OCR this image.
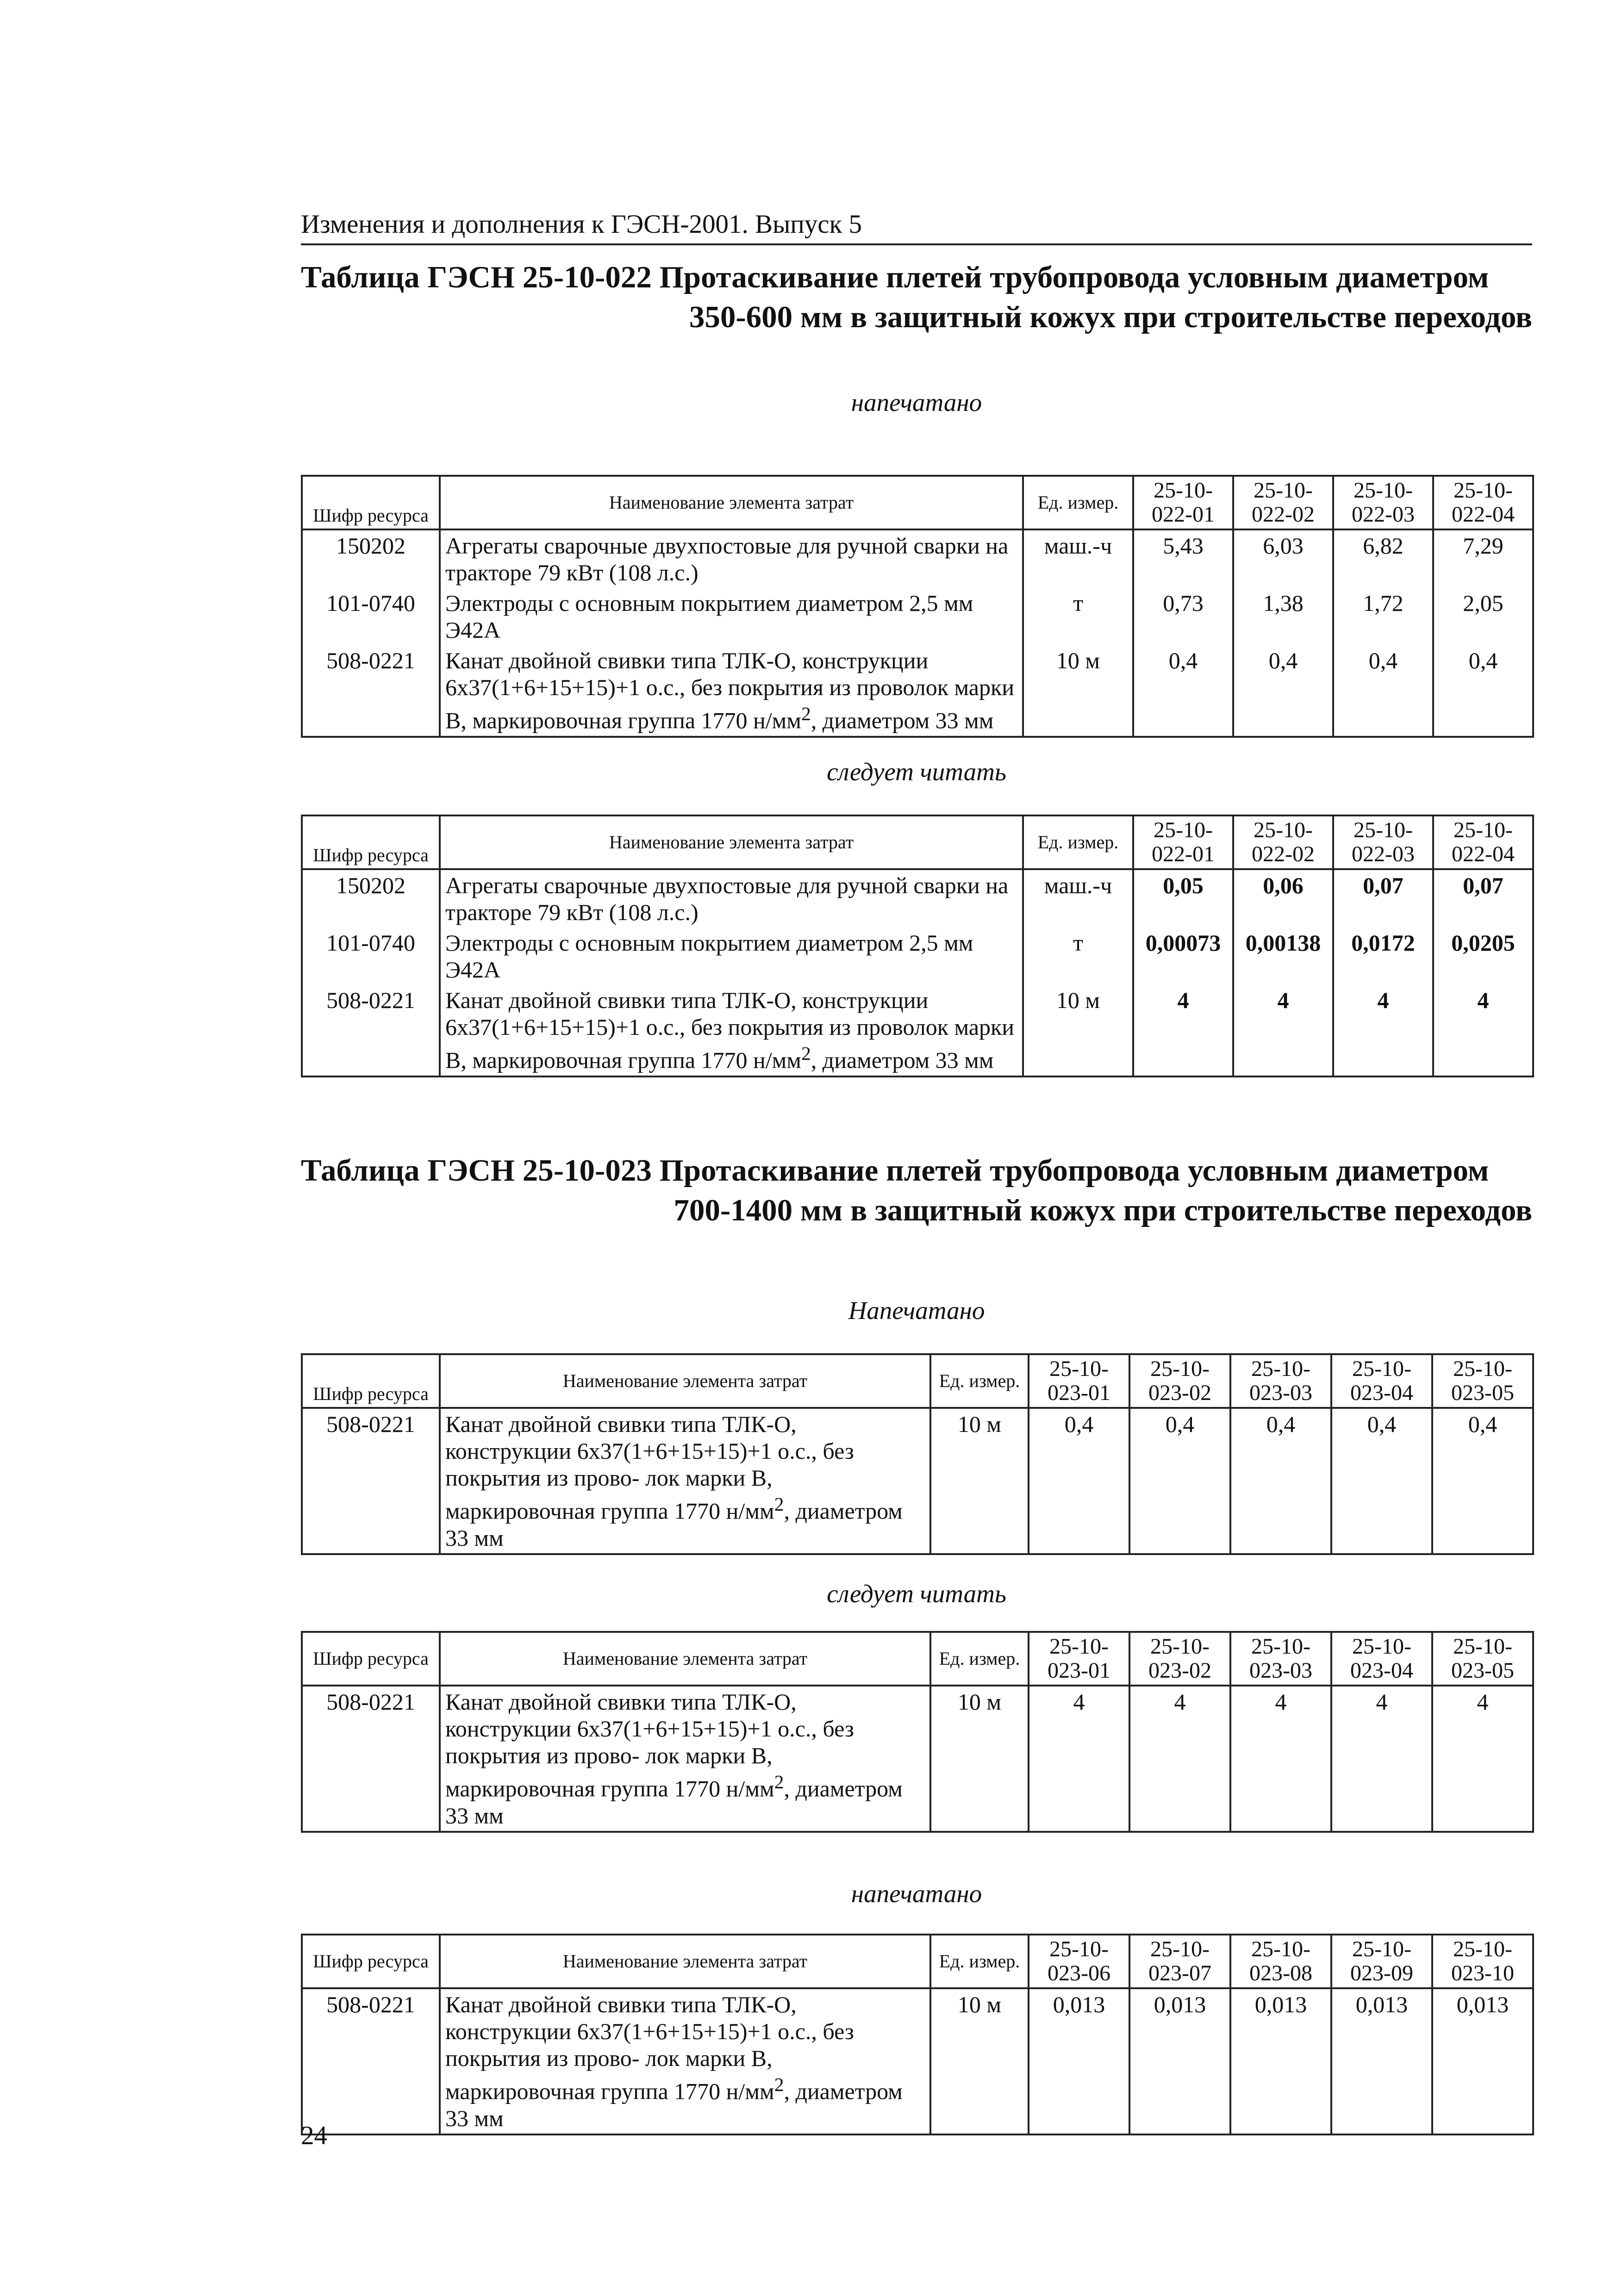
Изменения и дополнения к ГЭСН-2001. Выпуск 5
Таблица ГЭСН 25-10-022 Протаскивание плетей трубопровода условным диаметром
350-600 мм в защитный кожух при строительстве переходов
напечатано
Шифр ресурса	Наименование элемента затрат	Ед. измер.	25-10- 022-01	25-10- 022-02	25-10- 022-03	25-10- 022-04
150202	Агрегаты сварочные двухпостовые для ручной сварки на тракторе 79 кВт (108 л.с.)	маш.-ч	5,43	6,03	6,82	7,29
101-0740	Электроды с основным покрытием диаметром 2,5 мм Э42А	т	0,73	1,38	1,72	2,05
508-0221	Канат двойной свивки типа ТЛК-О, конструкции 6х37(1+6+15+15)+1 о.с., без покрытия из проволок марки В, маркировочная группа 1770 $н/мм^2$, диаметром 33 мм	10 м	0,4	0,4	0,4	0,4
следует читать
Шифр ресурса	Наименование элемента затрат	Ед. измер.	25-10- 022-01	25-10- 022-02	25-10- 022-03	25-10- 022-04
150202	Агрегаты сварочные двухпостовые для ручной сварки на тракторе 79 кВт (108 л.с.)	маш.-ч	0,05	0,06	0,07	0,07
101-0740	Электроды с основным покрытием диаметром 2,5 мм Э42А	т	0,00073	0,00138	0,0172	0,0205
508-0221	Канат двойной свивки типа ТЛК-О, конструкции 6х37(1+6+15+15)+1 о.с., без покрытия из проволок марки В, маркировочная группа 1770 $н/мм^2$, диаметром 33 мм	10 м	4	4	4	4
Таблица ГЭСН 25-10-023 Протаскивание плетей трубопровода условным диаметром
700-1400 мм в защитный кожух при строительстве переходов
Напечатано
Шифр ресурса	Наименование элемента затрат	Ед. измер.	25-10- 023-01	25-10- 023-02	25-10- 023-03	25-10- 023-04	25-10- 023-05
508-0221	Канат двойной свивки типа ТЛК-О, конструкции 6х37(1+6+15+15)+1 о.с., без покрытия из прово- лок марки В, маркировочная группа 1770 $н/мм^2$, диаметром 33 мм	10 м	0,4	0,4	0,4	0,4	0,4
следует читать
Шифр ресурса	Наименование элемента затрат	Ед. измер.	25-10- 023-01	25-10- 023-02	25-10- 023-03	25-10- 023-04	25-10- 023-05
508-0221	Канат двойной свивки типа ТЛК-О, конструкции 6х37(1+6+15+15)+1 о.с., без покрытия из прово- лок марки В, маркировочная группа 1770 $н/мм^2$, диаметром 33 мм	10 м	4	4	4	4	4
напечатано
Шифр ресурса	Наименование элемента затрат	Ед. измер.	25-10- 023-06	25-10- 023-07	25-10- 023-08	25-10- 023-09	25-10- 023-10
508-0221	Канат двойной свивки типа ТЛК-О, конструкции 6х37(1+6+15+15)+1 о.с., без покрытия из прово- лок марки В, маркировочная группа 1770 $н/мм^2$, диаметром 33 мм	10 м	0,013	0,013	0,013	0,013	0,013
24
